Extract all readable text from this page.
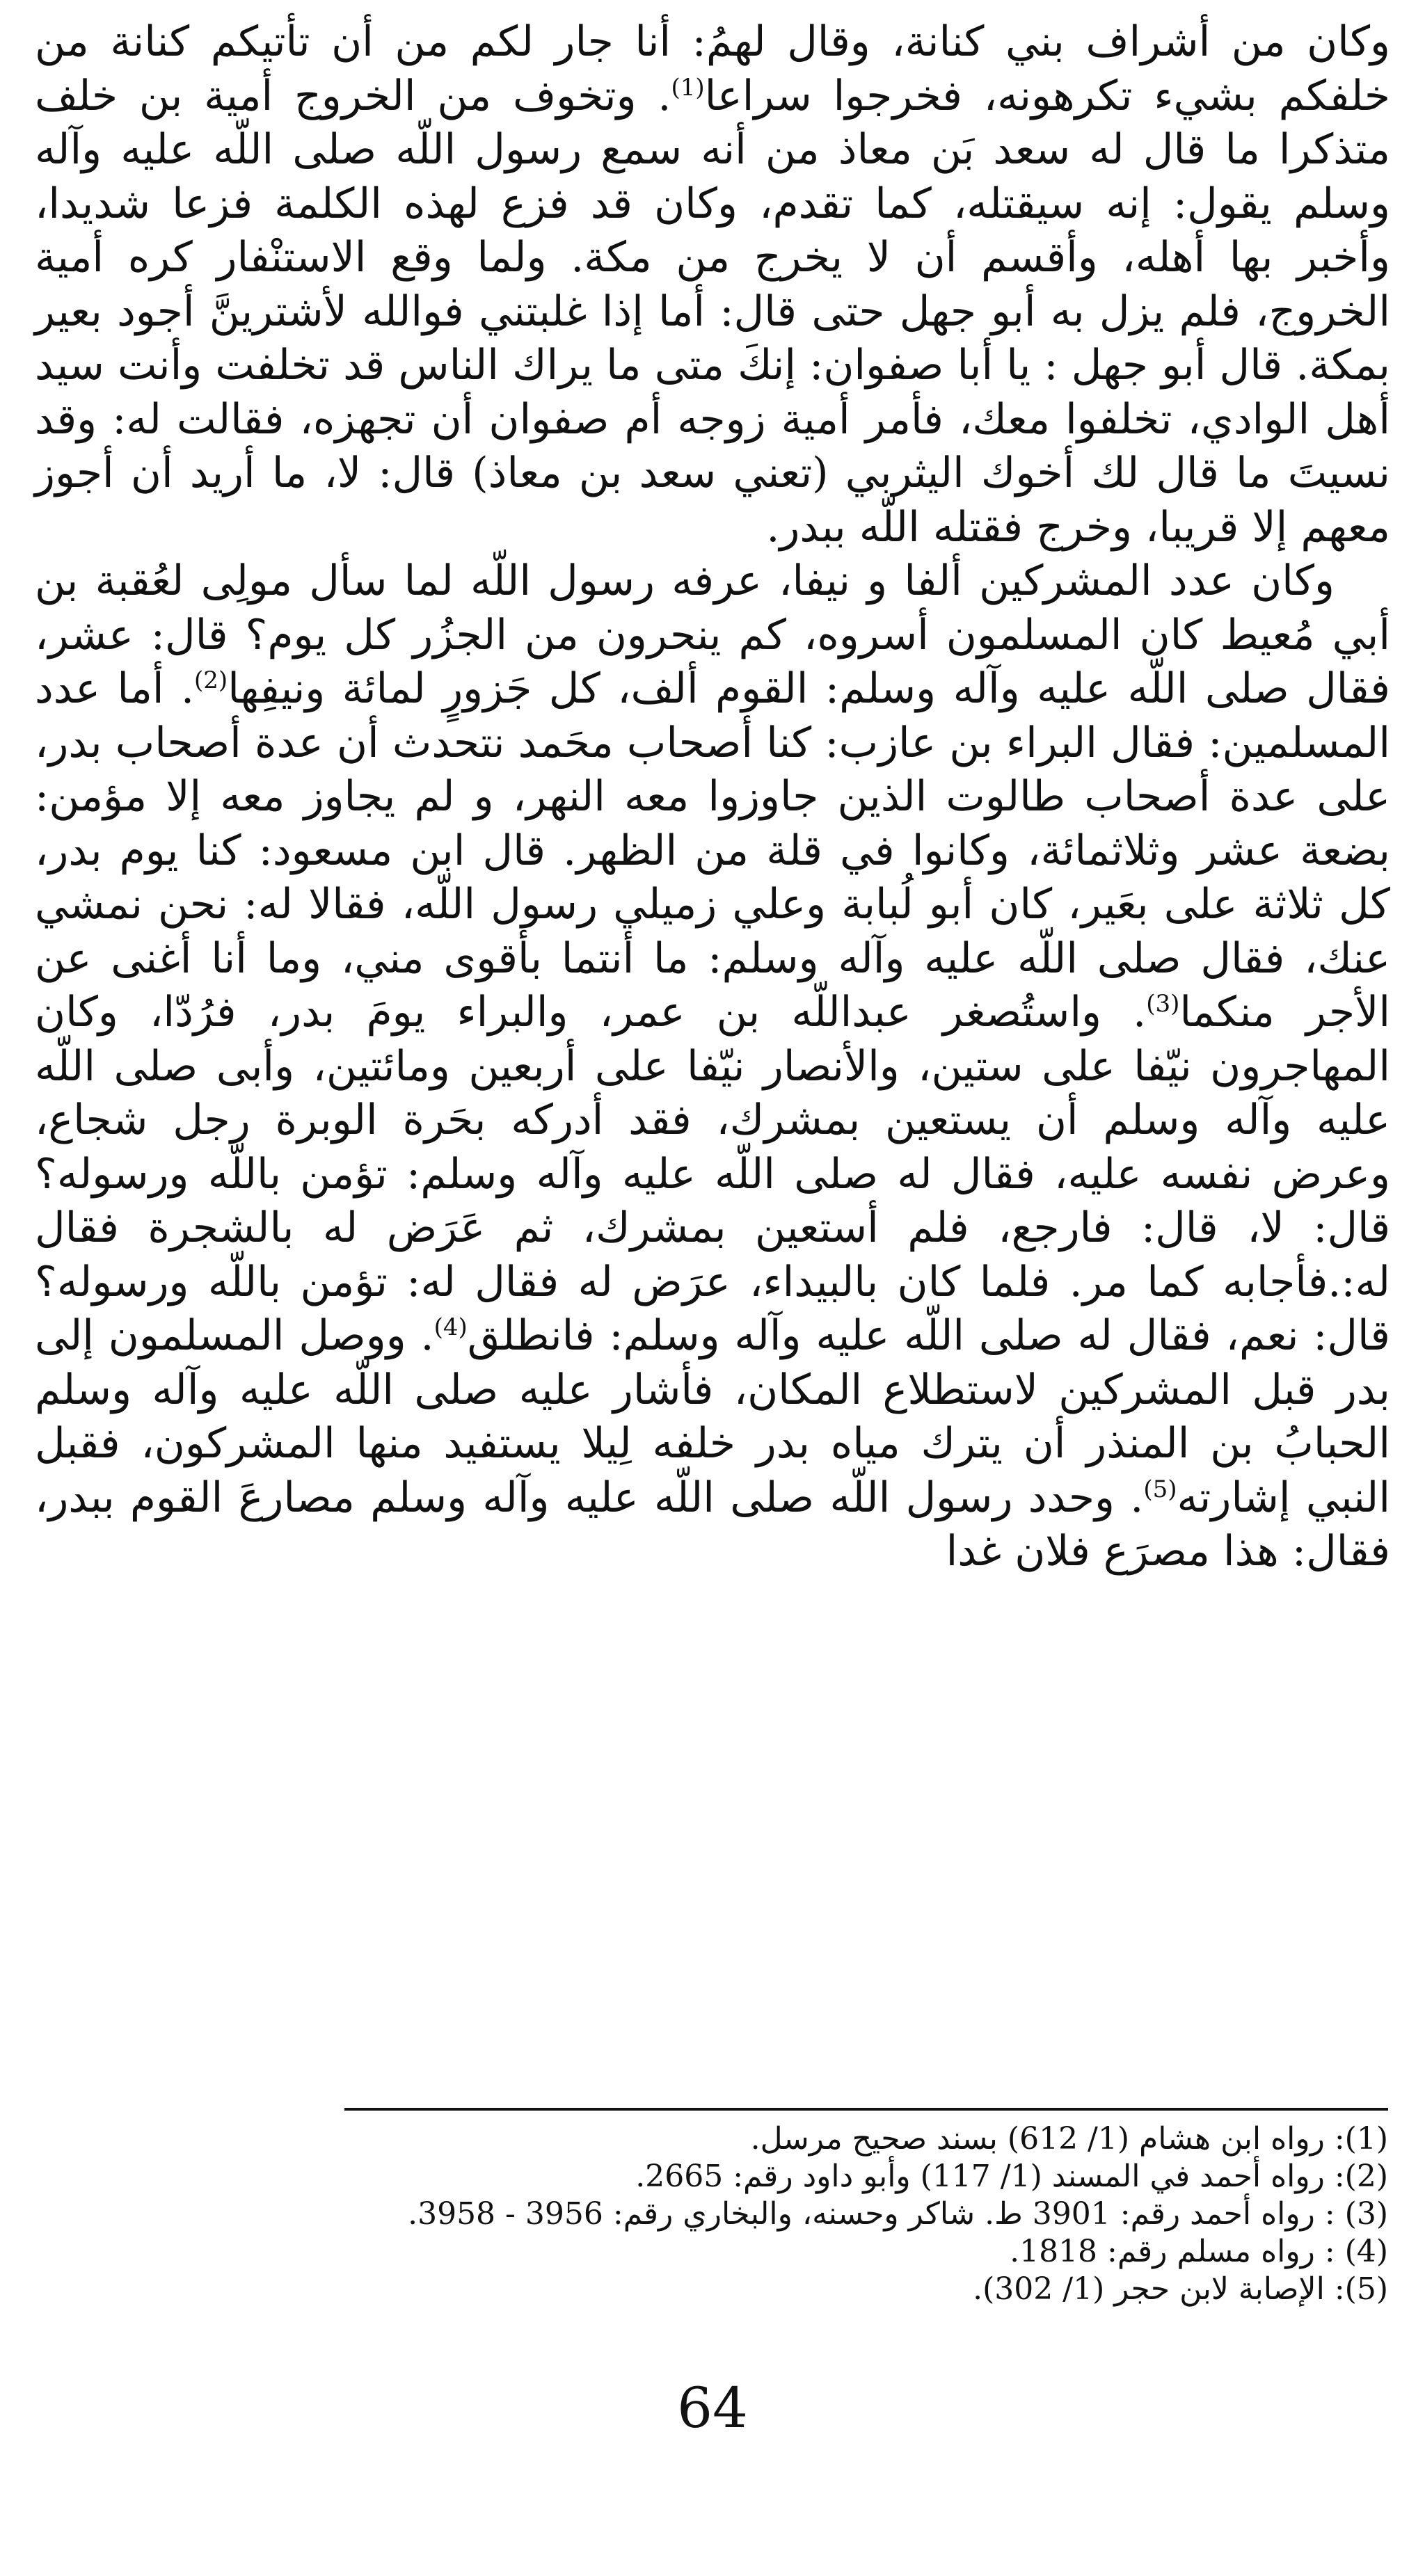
وكان من أشراف بني كنانة، وقال لهمُ: أنا جار لكم من أن تأتيكم كنانة من خلفكم بشيء تكرهونه، فخرجوا سراعا$^{(1)}$. وتخوف من الخروج أمية بن خلف متذكرا ما قال له سعد بَن معاذ من أنه سمع رسول اللّه صلى اللّه عليه وآله وسلم يقول: إنه سيقتله، كما تقدم، وكان قد فزع لهذه الكلمة فزعا شديدا، وأخبر بها أهله، وأقسم أن لا يخرج من مكة. ولما وقع الاستنْفار كره أمية الخروج، فلم يزل به أبو جهل حتى قال: أما إذا غلبتني فوالله لأشترينَّ أجود بعير بمكة. قال أبو جهل : يا أبا صفوان: إنكَ متى ما يراك الناس قد تخلفت وأنت سيد أهل الوادي، تخلفوا معك، فأمر أمية زوجه أم صفوان أن تجهزه، فقالت له: وقد نسيتَ ما قال لك أخوك اليثربي (تعني سعد بن معاذ) قال: لا، ما أريد أن أجوز معهم إلا قريبا، وخرج فقتله اللّه ببدر.

وكان عدد المشركين ألفا و نيفا، عرفه رسول اللّه لما سأل مولِى لعُقبة بن أبي مُعيط كان المسلمون أسروه، كم ينحرون من الجزُر كل يوم؟ قال: عشر، فقال صلى اللّه عليه وآله وسلم: القوم ألف، كل جَزورٍ لمائة ونيفِها$^{(2)}$. أما عدد المسلمين: فقال البراء بن عازب: كنا أصحاب محَمد نتحدث أن عدة أصحاب بدر، على عدة أصحاب طالوت الذين جاوزوا معه النهر، و لم يجاوز معه إلا مؤمن: بضعة عشر وثلاثمائة، وكانوا في قلة من الظهر. قال ابن مسعود: كنا يوم بدر، كل ثلاثة على بعَير، كان أبو لُبابة وعلي زميلي رسول اللّه، فقالا له: نحن نمشي عنك، فقال صلى اللّه عليه وآله وسلم: ما أنتما بأقوى مني، وما أنا أغنى عن الأجر منكما$^{(3)}$. واستُصغر عبداللّه بن عمر، والبراء يومَ بدر، فرُدّا، وكان المهاجرون نيّفا على ستين، والأنصار نيّفا على أربعين ومائتين، وأبى صلى اللّه عليه وآله وسلم أن يستعين بمشرك، فقد أدركه بحَرة الوبرة رجل شجاع، وعرض نفسه عليه، فقال له صلى اللّه عليه وآله وسلم: تؤمن باللّه ورسوله؟ قال: لا، قال: فارجع، فلم أستعين بمشرك، ثم عَرَض له بالشجرة فقال له:.فأجابه كما مر. فلما كان بالبيداء، عرَض له فقال له: تؤمن باللّه ورسوله؟ قال: نعم، فقال له صلى اللّه عليه وآله وسلم: فانطلق$^{(4)}$. ووصل المسلمون إلى بدر قبل المشركين لاستطلاع المكان، فأشار عليه صلى اللّه عليه وآله وسلم الحبابُ بن المنذر أن يترك مياه بدر خلفه لِيلا يستفيد منها المشركون، فقبل النبي إشارته$^{(5)}$. وحدد رسول اللّه صلى اللّه عليه وآله وسلم مصارعَ القوم ببدر، فقال: هذا مصرَع فلان غدا

(1): رواه ابن هشام (1/ 612) بسند صحيح مرسل.
(2): رواه أحمد في المسند (1/ 117) وأبو داود رقم: 2665.
(3) : رواه أحمد رقم: 3901 ط. شاكر وحسنه، والبخاري رقم: 3956 - 3958.
(4) : رواه مسلم رقم: 1818.
(5): الإصابة لابن حجر (1/ 302).
64
